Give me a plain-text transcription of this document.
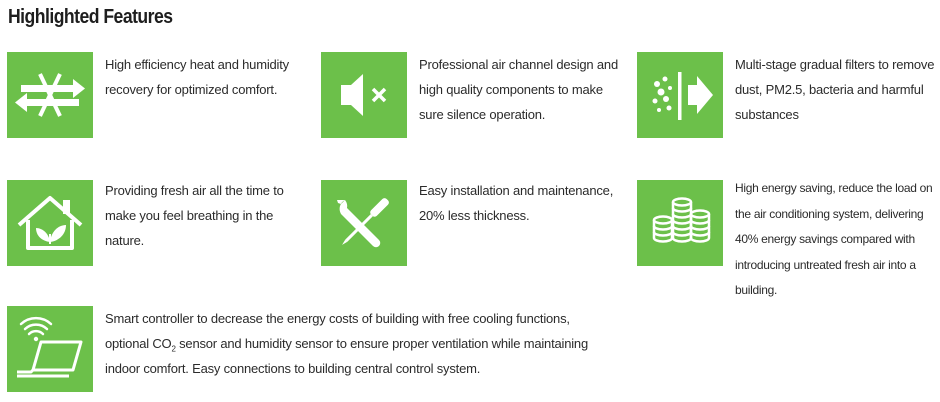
Highlighted Features

High efficiency heat and humidity recovery for optimized comfort.

Professional air channel design and high quality components to make sure silence operation.

Multi-stage gradual filters to remove dust, PM2.5, bacteria and harmful substances

Providing fresh air all the time to make you feel breathing in the nature.

Easy installation and maintenance, 20% less thickness.

High energy saving, reduce the load on the air conditioning system, delivering 40% energy savings compared with introducing untreated fresh air into a building.

Smart controller to decrease the energy costs of building with free cooling functions, optional $CO_2$ sensor and humidity sensor to ensure proper ventilation while maintaining indoor comfort. Easy connections to building central control system.
